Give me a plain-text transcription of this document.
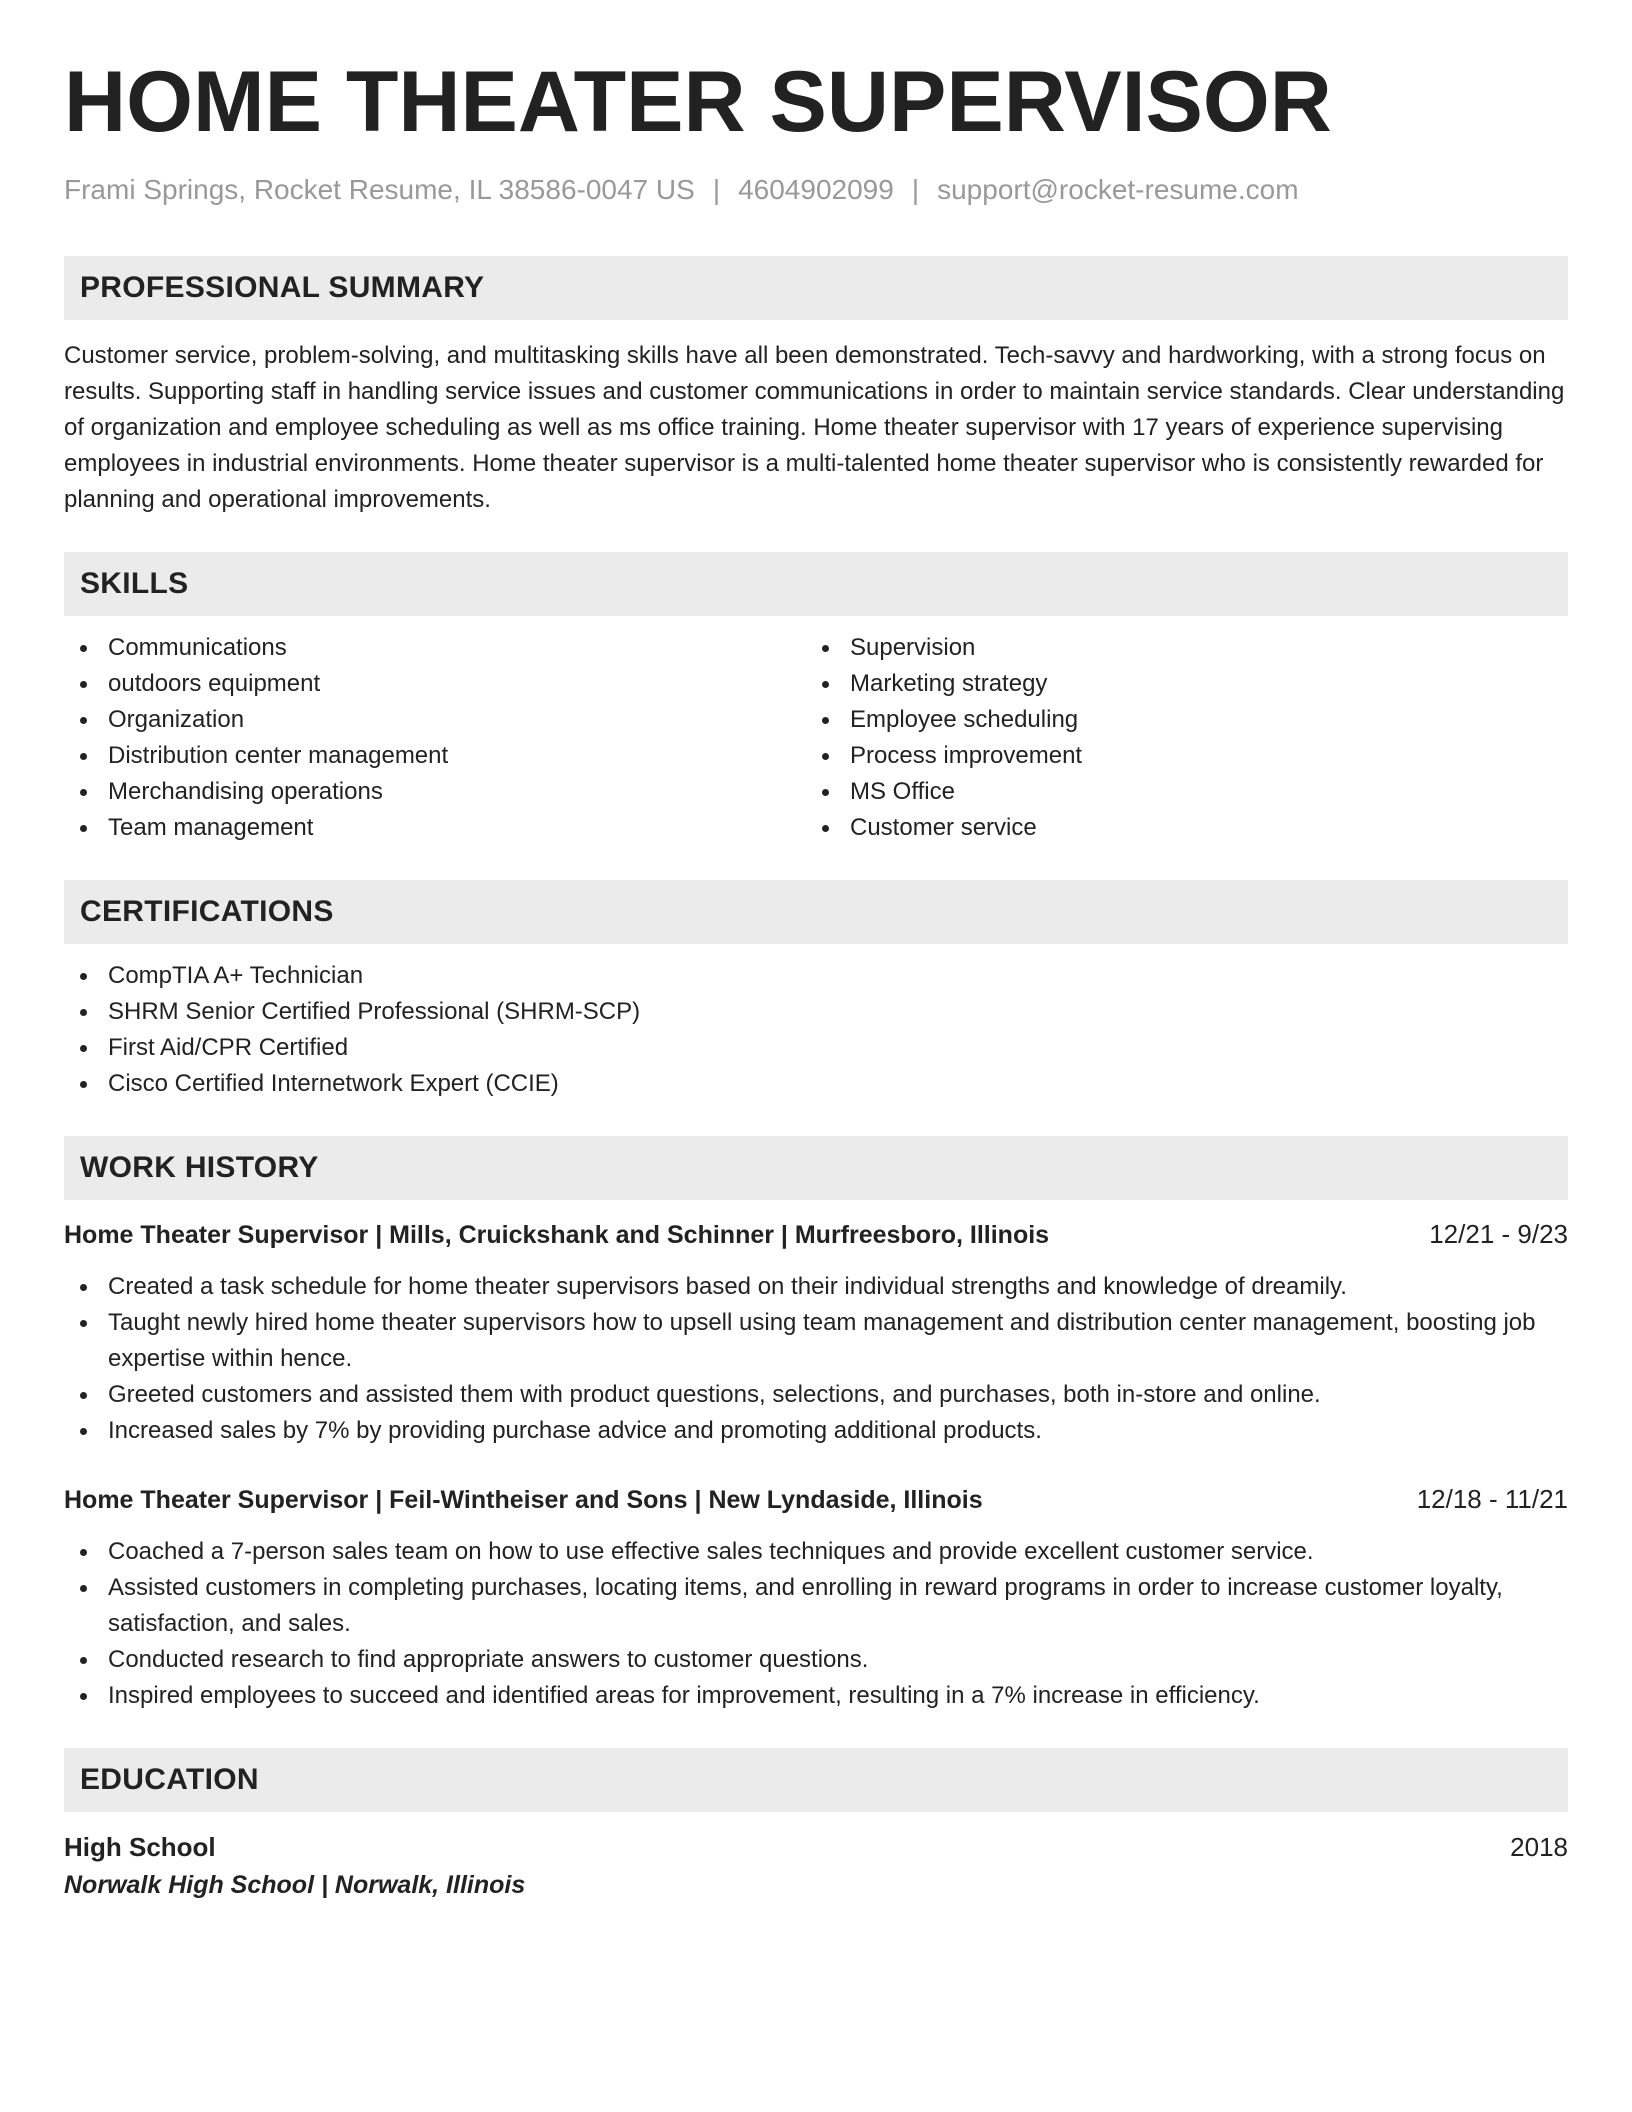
HOME THEATER SUPERVISOR
Frami Springs, Rocket Resume, IL 38586-0047 US | 4604902099 | support@rocket-resume.com
PROFESSIONAL SUMMARY

Customer service, problem-solving, and multitasking skills have all been demonstrated. Tech-savvy and hardworking, with a strong focus on results. Supporting staff in handling service issues and customer communications in order to maintain service standards. Clear understanding of organization and employee scheduling as well as ms office training. Home theater supervisor with 17 years of experience supervising employees in industrial environments. Home theater supervisor is a multi-talented home theater supervisor who is consistently rewarded for planning and operational improvements.

SKILLS
Communications
outdoors equipment
Organization
Distribution center management
Merchandising operations
Team management
Supervision
Marketing strategy
Employee scheduling
Process improvement
MS Office
Customer service
CERTIFICATIONS
CompTIA A+ Technician
SHRM Senior Certified Professional (SHRM-SCP)
First Aid/CPR Certified
Cisco Certified Internetwork Expert (CCIE)
WORK HISTORY
Home Theater Supervisor | Mills, Cruickshank and Schinner | Murfreesboro, Illinois	12/21 - 9/23
Created a task schedule for home theater supervisors based on their individual strengths and knowledge of dreamily.
Taught newly hired home theater supervisors how to upsell using team management and distribution center management, boosting job expertise within hence.
Greeted customers and assisted them with product questions, selections, and purchases, both in-store and online.
Increased sales by 7% by providing purchase advice and promoting additional products.
Home Theater Supervisor | Feil-Wintheiser and Sons | New Lyndaside, Illinois	12/18 - 11/21
Coached a 7-person sales team on how to use effective sales techniques and provide excellent customer service.
Assisted customers in completing purchases, locating items, and enrolling in reward programs in order to increase customer loyalty, satisfaction, and sales.
Conducted research to find appropriate answers to customer questions.
Inspired employees to succeed and identified areas for improvement, resulting in a 7% increase in efficiency.
EDUCATION
High School	2018
Norwalk High School | Norwalk, Illinois
